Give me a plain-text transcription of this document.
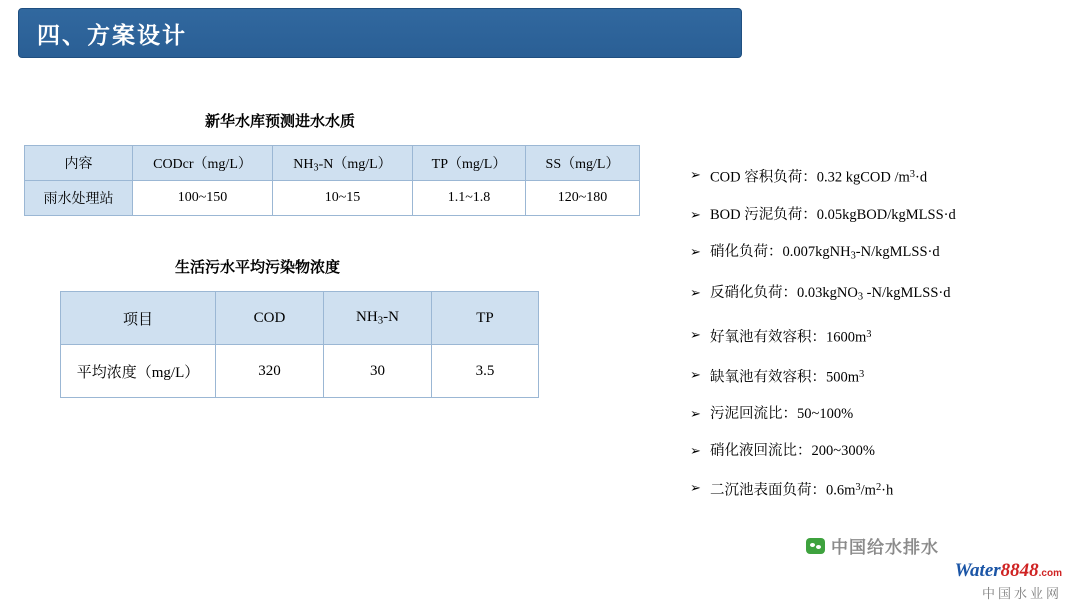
四、方案设计
新华水库预测进水水质
内容	CODcr（mg/L）	$NH_3-N(mg/L)$	TP（mg/L）	SS（mg/L）
雨水处理站	100~150	10~15	1.1~1.8	120~180
生活污水平均污染物浓度
项目	COD	$NH_3-N$	TP
平均浓度（mg/L）	320	30	3.5
➢ COD 容积负荷：0.32 kgCOD $/m^3\cdot d$
➢ BOD 污泥负荷：0.05kgBOD/kgMLSS·d
➢ 硝化负荷：0.007kgNH$_3$-N/kgMLSS·d
➢ 反硝化负荷：0.03kgNO$_3$ -N/kgMLSS·d
➢ 好氧池有效容积：$1600m^3$
➢ 缺氧池有效容积：$500m^3$
➢ 污泥回流比：50~100%
➢ 硝化液回流比：200~300%
➢ 二沉池表面负荷：$0.6m^3/m^2\cdot h$
中国给水排水
Water8848.com
中国水业网
